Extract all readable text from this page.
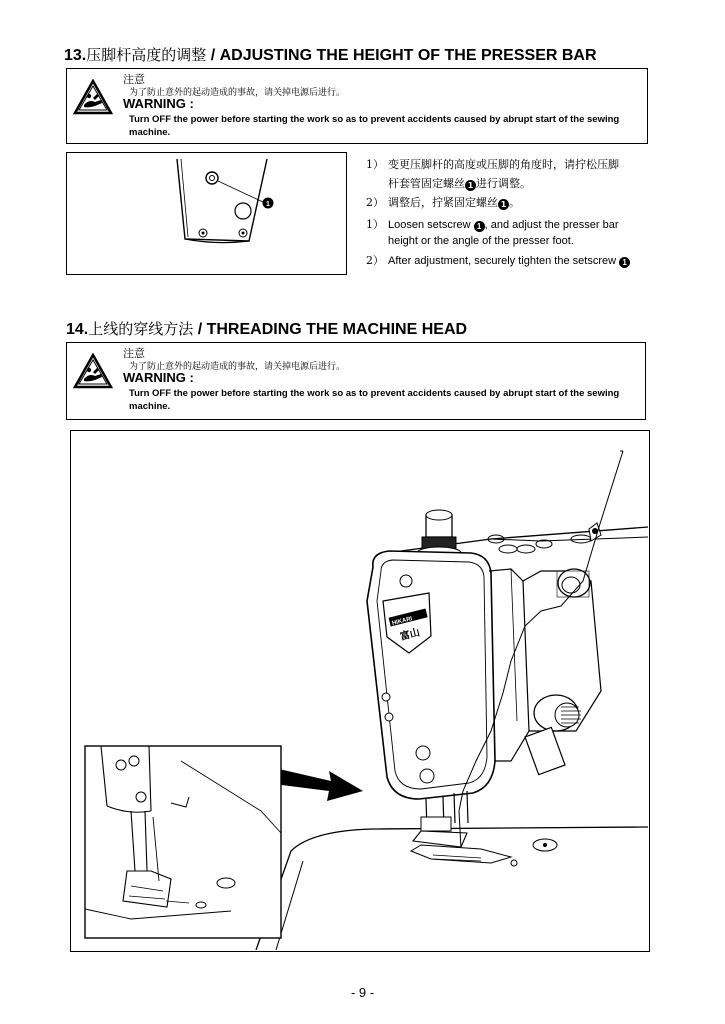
13.压脚杆高度的调整 / ADJUSTING THE HEIGHT OF THE PRESSER BAR
注意
为了防止意外的起动造成的事故，请关掉电源后进行。
WARNING :
Turn OFF the power before starting the work so as to prevent accidents caused by abrupt start of the sewing machine.
1
1） 变更压脚杆的高度或压脚的角度时，请拧松压脚
杆套管固定螺丝 1 进行调整。
2） 调整后，拧紧固定螺丝 1 。
1） Loosen setscrew 1 , and adjust the presser bar
height or the angle of the presser foot.
2） After adjustment, securely tighten the setscrew 1
14.上线的穿线方法 / THREADING THE MACHINE HEAD
注意
为了防止意外的起动造成的事故，请关掉电源后进行。
WARNING :
Turn OFF the power before starting the work so as to prevent accidents caused by abrupt start of the sewing machine.
HIKARI
富山
- 9 -
